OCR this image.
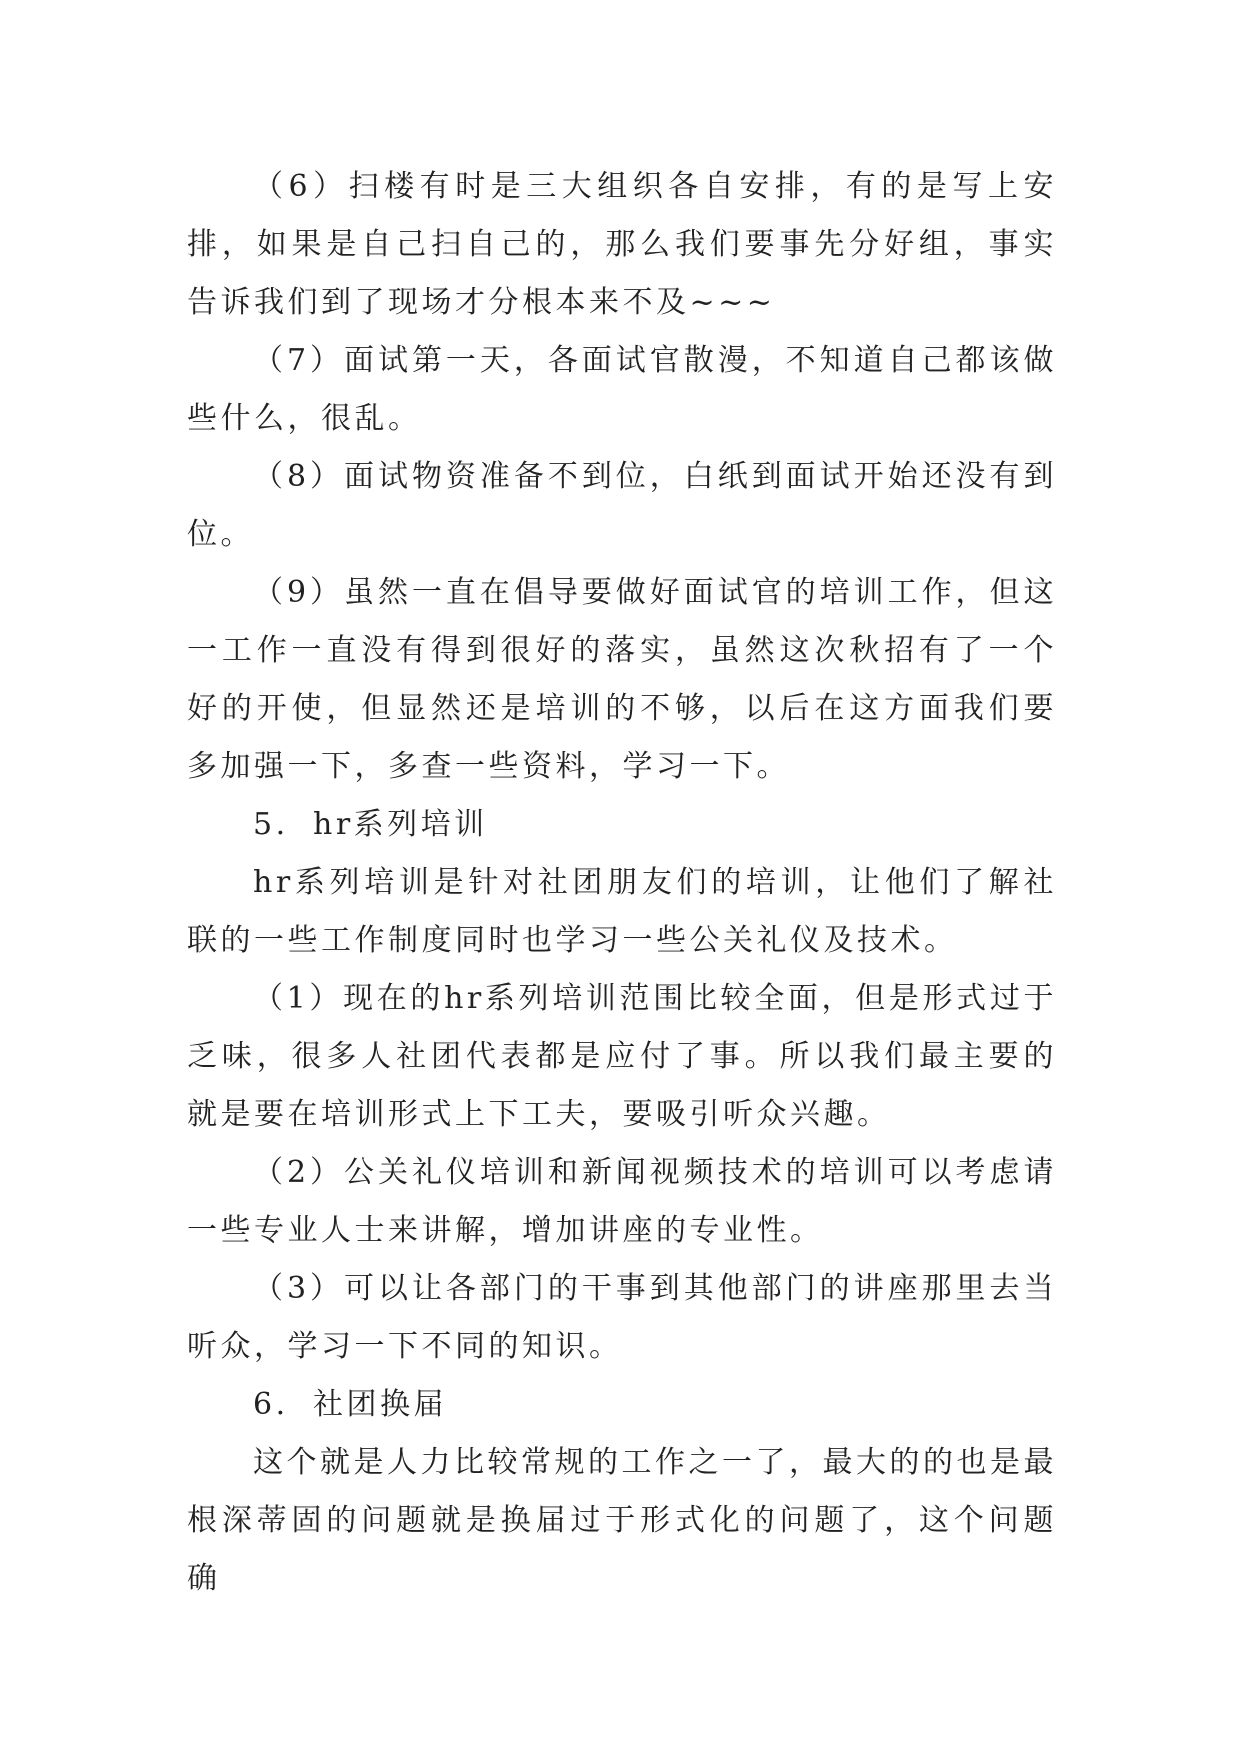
（6）扫楼有时是三大组织各自安排，有的是写上安排，如果是自己扫自己的，那么我们要事先分好组，事实告诉我们到了现场才分根本来不及~~~

（7）面试第一天，各面试官散漫，不知道自己都该做些什么，很乱。

（8）面试物资准备不到位，白纸到面试开始还没有到位。

（9）虽然一直在倡导要做好面试官的培训工作，但这一工作一直没有得到很好的落实，虽然这次秋招有了一个好的开使，但显然还是培训的不够，以后在这方面我们要多加强一下，多查一些资料，学习一下。

5. hr系列培训

hr系列培训是针对社团朋友们的培训，让他们了解社联的一些工作制度同时也学习一些公关礼仪及技术。

（1）现在的hr系列培训范围比较全面，但是形式过于乏味，很多人社团代表都是应付了事。所以我们最主要的就是要在培训形式上下工夫，要吸引听众兴趣。

（2）公关礼仪培训和新闻视频技术的培训可以考虑请一些专业人士来讲解，增加讲座的专业性。

（3）可以让各部门的干事到其他部门的讲座那里去当听众，学习一下不同的知识。

6. 社团换届

这个就是人力比较常规的工作之一了，最大的的也是最根深蒂固的问题就是换届过于形式化的问题了，这个问题确
